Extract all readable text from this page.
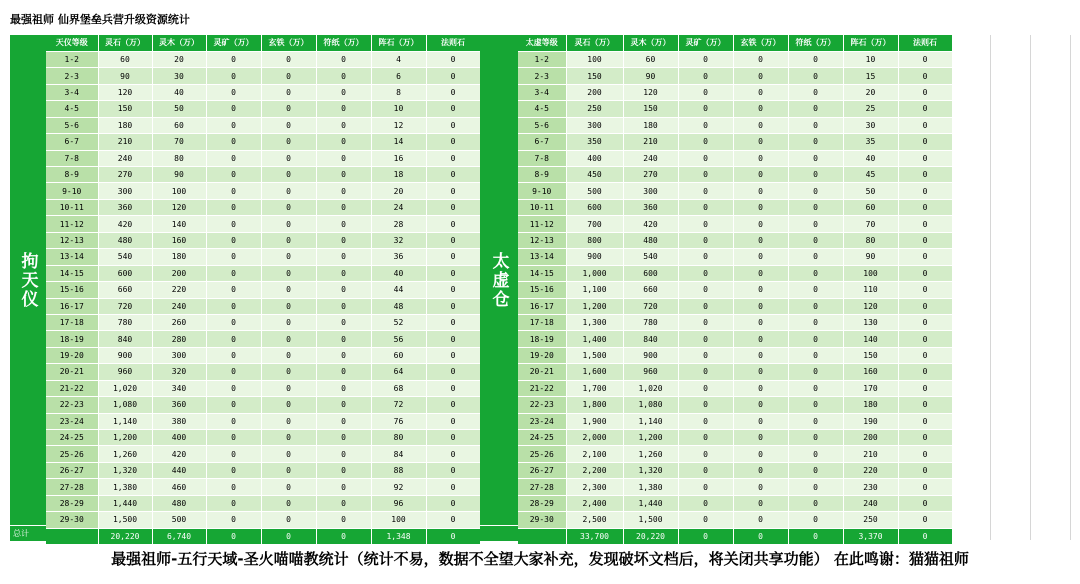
最强祖师 仙界堡垒兵营升级资源统计
拘天仪
总计
天仪等级	灵石（万）	灵木（万）	灵矿（万）	玄铁（万）	符纸（万）	阵石（万）	法则石
1-2	60	20	0	0	0	4	0
2-3	90	30	0	0	0	6	0
3-4	120	40	0	0	0	8	0
4-5	150	50	0	0	0	10	0
5-6	180	60	0	0	0	12	0
6-7	210	70	0	0	0	14	0
7-8	240	80	0	0	0	16	0
8-9	270	90	0	0	0	18	0
9-10	300	100	0	0	0	20	0
10-11	360	120	0	0	0	24	0
11-12	420	140	0	0	0	28	0
12-13	480	160	0	0	0	32	0
13-14	540	180	0	0	0	36	0
14-15	600	200	0	0	0	40	0
15-16	660	220	0	0	0	44	0
16-17	720	240	0	0	0	48	0
17-18	780	260	0	0	0	52	0
18-19	840	280	0	0	0	56	0
19-20	900	300	0	0	0	60	0
20-21	960	320	0	0	0	64	0
21-22	1,020	340	0	0	0	68	0
22-23	1,080	360	0	0	0	72	0
23-24	1,140	380	0	0	0	76	0
24-25	1,200	400	0	0	0	80	0
25-26	1,260	420	0	0	0	84	0
26-27	1,320	440	0	0	0	88	0
27-28	1,380	460	0	0	0	92	0
28-29	1,440	480	0	0	0	96	0
29-30	1,500	500	0	0	0	100	0
	20,220	6,740	0	0	0	1,348	0
太虚仓
太虚等级	灵石（万）	灵木（万）	灵矿（万）	玄铁（万）	符纸（万）	阵石（万）	法则石
1-2	100	60	0	0	0	10	0
2-3	150	90	0	0	0	15	0
3-4	200	120	0	0	0	20	0
4-5	250	150	0	0	0	25	0
5-6	300	180	0	0	0	30	0
6-7	350	210	0	0	0	35	0
7-8	400	240	0	0	0	40	0
8-9	450	270	0	0	0	45	0
9-10	500	300	0	0	0	50	0
10-11	600	360	0	0	0	60	0
11-12	700	420	0	0	0	70	0
12-13	800	480	0	0	0	80	0
13-14	900	540	0	0	0	90	0
14-15	1,000	600	0	0	0	100	0
15-16	1,100	660	0	0	0	110	0
16-17	1,200	720	0	0	0	120	0
17-18	1,300	780	0	0	0	130	0
18-19	1,400	840	0	0	0	140	0
19-20	1,500	900	0	0	0	150	0
20-21	1,600	960	0	0	0	160	0
21-22	1,700	1,020	0	0	0	170	0
22-23	1,800	1,080	0	0	0	180	0
23-24	1,900	1,140	0	0	0	190	0
24-25	2,000	1,200	0	0	0	200	0
25-26	2,100	1,260	0	0	0	210	0
26-27	2,200	1,320	0	0	0	220	0
27-28	2,300	1,380	0	0	0	230	0
28-29	2,400	1,440	0	0	0	240	0
29-30	2,500	1,500	0	0	0	250	0
	33,700	20,220	0	0	0	3,370	0
最强祖师-五行天域-圣火喵喵教统计（统计不易，数据不全望大家补充，发现破坏文档后，将关闭共享功能） 在此鸣谢：猫猫祖师
